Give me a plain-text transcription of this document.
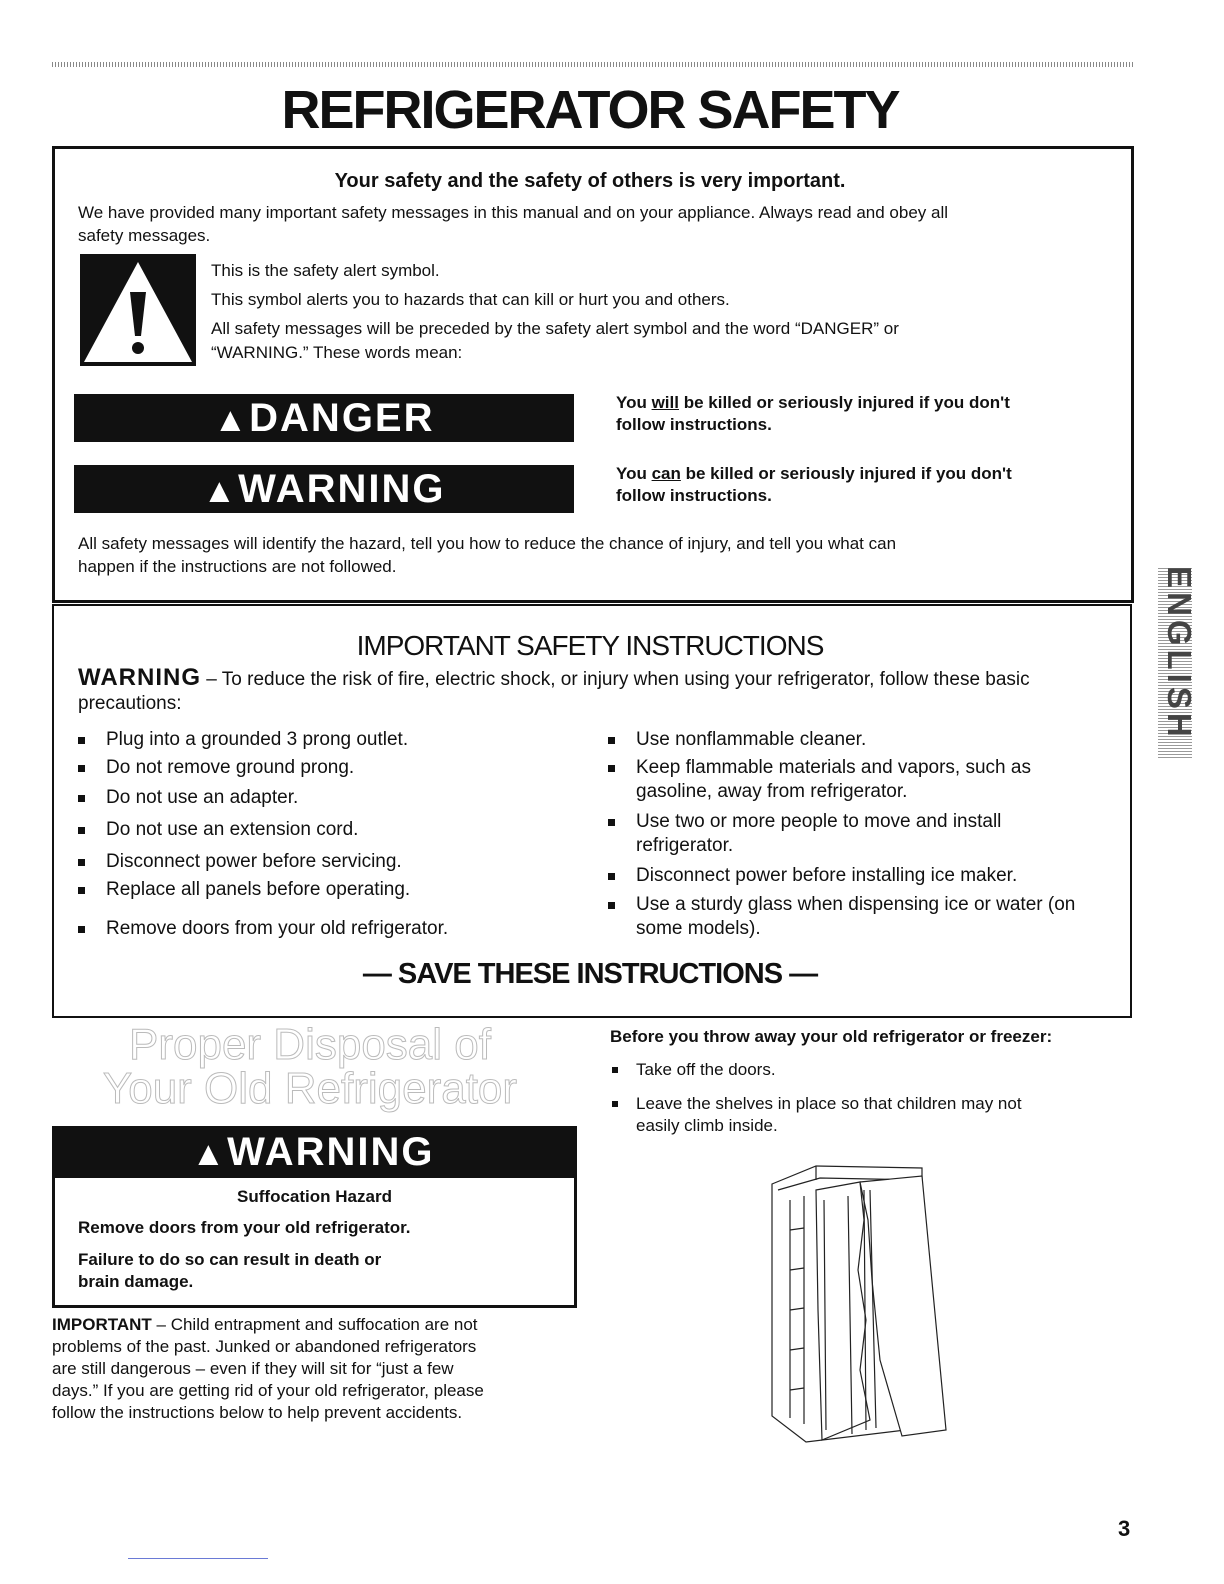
REFRIGERATOR SAFETY
ENGLISH
Your safety and the safety of others is very important.
We have provided many important safety messages in this manual and on your appliance. Always read and obey all
safety messages.
This is the safety alert symbol.
This symbol alerts you to hazards that can kill or hurt you and others.
All safety messages will be preceded by the safety alert symbol and the word “DANGER” or
“WARNING.” These words mean:
▲DANGER	You will be killed or seriously injured if you don't
follow instructions.
▲WARNING	You can be killed or seriously injured if you don't
follow instructions.
All safety messages will identify the hazard, tell you how to reduce the chance of injury, and tell you what can
happen if the instructions are not followed.
IMPORTANT SAFETY INSTRUCTIONS
WARNING – To reduce the risk of fire, electric shock, or injury when using your refrigerator, follow these basic
precautions:
Plug into a grounded 3 prong outlet.
Do not remove ground prong.
Do not use an adapter.
Do not use an extension cord.
Disconnect power before servicing.
Replace all panels before operating.
Remove doors from your old refrigerator.
Use nonflammable cleaner.
Keep flammable materials and vapors, such as
gasoline, away from refrigerator.
Use two or more people to move and install
refrigerator.
Disconnect power before installing ice maker.
Use a sturdy glass when dispensing ice or water (on
some models).
— SAVE THESE INSTRUCTIONS —
Proper Disposal of
Your Old Refrigerator
▲WARNING
Suffocation Hazard
Remove doors from your old refrigerator.
Failure to do so can result in death or
brain damage.
IMPORTANT – Child entrapment and suffocation are not
problems of the past. Junked or abandoned refrigerators
are still dangerous – even if they will sit for “just a few
days.” If you are getting rid of your old refrigerator, please
follow the instructions below to help prevent accidents.
Before you throw away your old refrigerator or freezer:
Take off the doors.
Leave the shelves in place so that children may not
easily climb inside.
3
